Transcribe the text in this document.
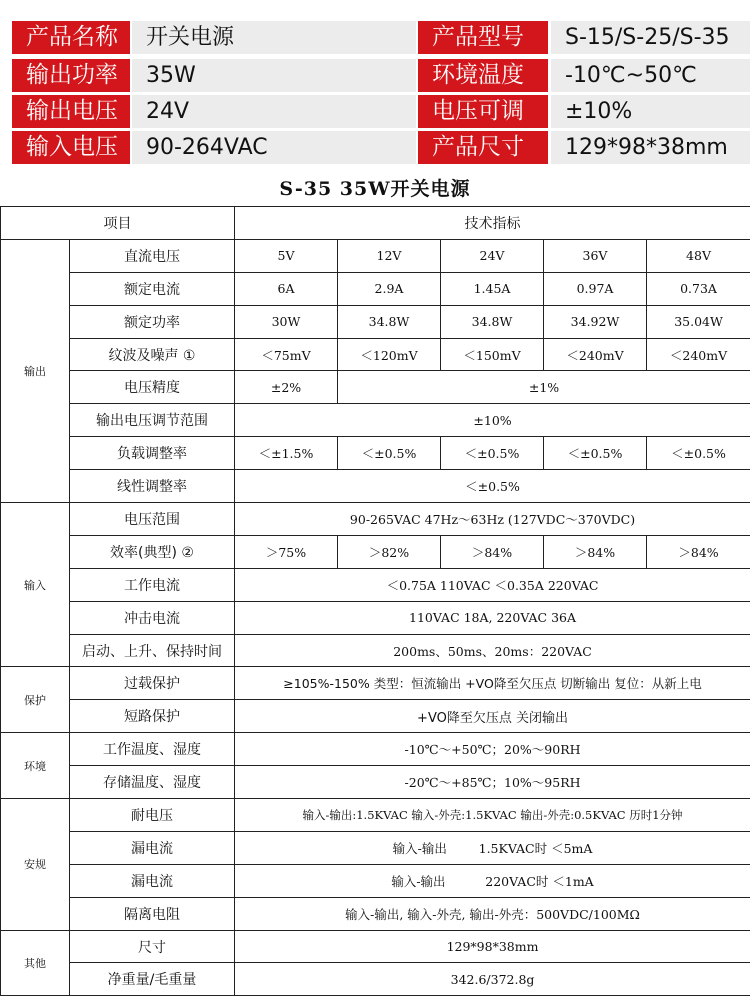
产品名称	开关电源	产品型号	S-15/S-25/S-35
输出功率	35W	环境温度	-10℃~50℃
输出电压	24V	电压可调	±10%
输入电压	90-264VAC	产品尺寸	129*98*38mm
S-35 35W开关电源
项目		技术指标				
输出	直流电压	5V	12V	24V	36V	48V
	额定电流	6A	2.9A	1.45A	0.97A	0.73A
	额定功率	30W	34.8W	34.8W	34.92W	35.04W
	纹波及噪声 ①	＜75mV	＜120mV	＜150mV	＜240mV	＜240mV
	电压精度	±2%	±1%			
	输出电压调节范围	±10%				
	负载调整率	＜±1.5%	＜±0.5%	＜±0.5%	＜±0.5%	＜±0.5%
	线性调整率	＜±0.5%				
输入	电压范围	90-265VAC 47Hz～63Hz (127VDC～370VDC)				
	效率(典型) ②	＞75%	＞82%	＞84%	＞84%	＞84%
	工作电流	＜0.75A 110VAC ＜0.35A 220VAC				
	冲击电流	110VAC 18A, 220VAC 36A				
	启动、上升、保持时间	200ms、50ms、20ms：220VAC				
保护	过载保护	≥105%-150% 类型：恒流输出 +VO降至欠压点 切断输出 复位：从新上电				
	短路保护	+VO降至欠压点 关闭输出				
环境	工作温度、湿度	-10℃～+50℃；20%～90RH				
	存储温度、湿度	-20℃～+85℃；10%～95RH				
安规	耐电压	输入-输出:1.5KVAC 输入-外壳:1.5KVAC 输出-外壳:0.5KVAC 历时1分钟				
	漏电流	输入-输出        1.5KVAC时 ＜5mA				
	漏电流	输入-输出          220VAC时 ＜1mA				
	隔离电阻	输入-输出, 输入-外壳, 输出-外壳：500VDC/100MΩ				
其他	尺寸	129*98*38mm				
	净重量/毛重量	342.6/372.8g				
